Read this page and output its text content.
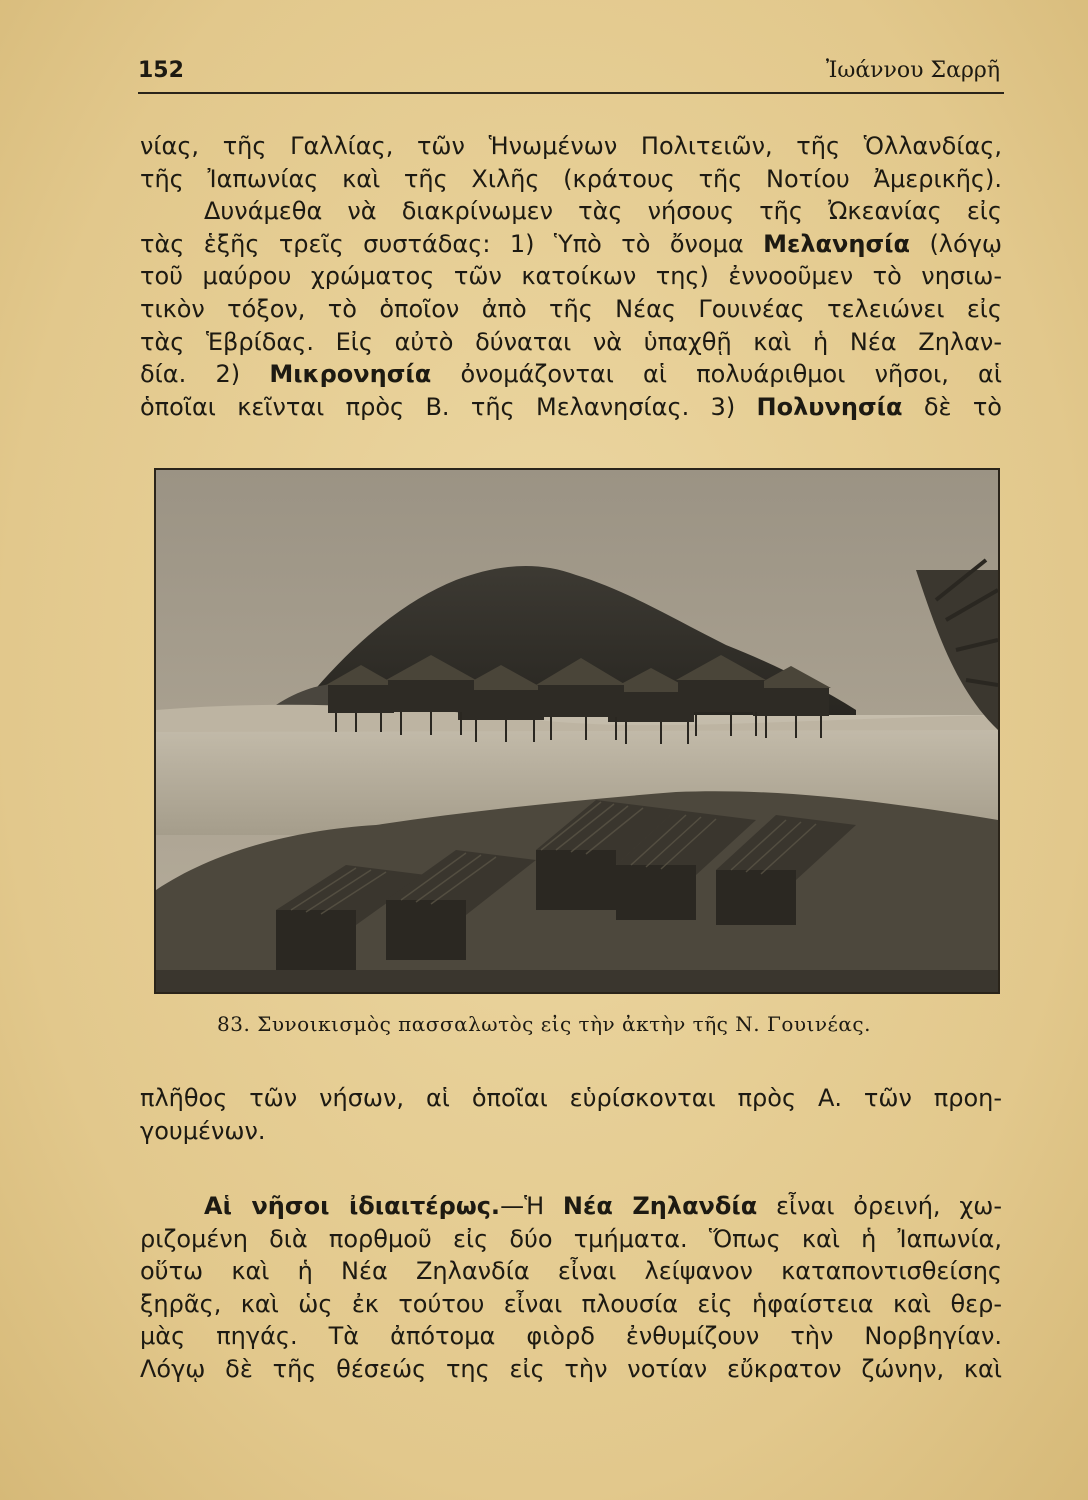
152	Ἰωάννου Σαρρῆ
νίας, τῆς Γαλλίας, τῶν Ἡνωμένων Πολιτειῶν, τῆς Ὁλλανδίας,
τῆς Ἰαπωνίας καὶ τῆς Χιλῆς (κράτους τῆς Νοτίου Ἀμερικῆς).
Δυνάμεθα νὰ διακρίνωμεν τὰς νήσους τῆς Ὠκεανίας εἰς
τὰς ἑξῆς τρεῖς συστάδας: 1) Ὑπὸ τὸ ὄνομα Μελανησία (λόγῳ
τοῦ μαύρου χρώματος τῶν κατοίκων της) ἐννοοῦμεν τὸ νησιω-
τικὸν τόξον, τὸ ὁποῖον ἀπὸ τῆς Νέας Γουινέας τελειώνει εἰς
τὰς Ἑβρίδας. Εἰς αὐτὸ δύναται νὰ ὑπαχθῇ καὶ ἡ Νέα Ζηλαν-
δία. 2) Μικρονησία ὀνομάζονται αἱ πολυάριθμοι νῆσοι, αἱ
ὁποῖαι κεῖνται πρὸς Β. τῆς Μελανησίας. 3) Πολυνησία δὲ τὸ
83. Συνοικισμὸς πασσαλωτὸς εἰς τὴν ἀκτὴν τῆς Ν. Γουινέας.
πλῆθος τῶν νήσων, αἱ ὁποῖαι εὑρίσκονται πρὸς Α. τῶν προη-
γουμένων.
Αἱ νῆσοι ἰδιαιτέρως.—Ἡ Νέα Ζηλανδία εἶναι ὀρεινή, χω-
ριζομένη διὰ πορθμοῦ εἰς δύο τμήματα. Ὅπως καὶ ἡ Ἰαπωνία,
οὕτω καὶ ἡ Νέα Ζηλανδία εἶναι λείψανον καταποντισθείσης
ξηρᾶς, καὶ ὡς ἐκ τούτου εἶναι πλουσία εἰς ἡφαίστεια καὶ θερ-
μὰς πηγάς. Τὰ ἀπότομα φιὸρδ ἐνθυμίζουν τὴν Νορβηγίαν.
Λόγῳ δὲ τῆς θέσεώς της εἰς τὴν νοτίαν εὔκρατον ζώνην, καὶ
